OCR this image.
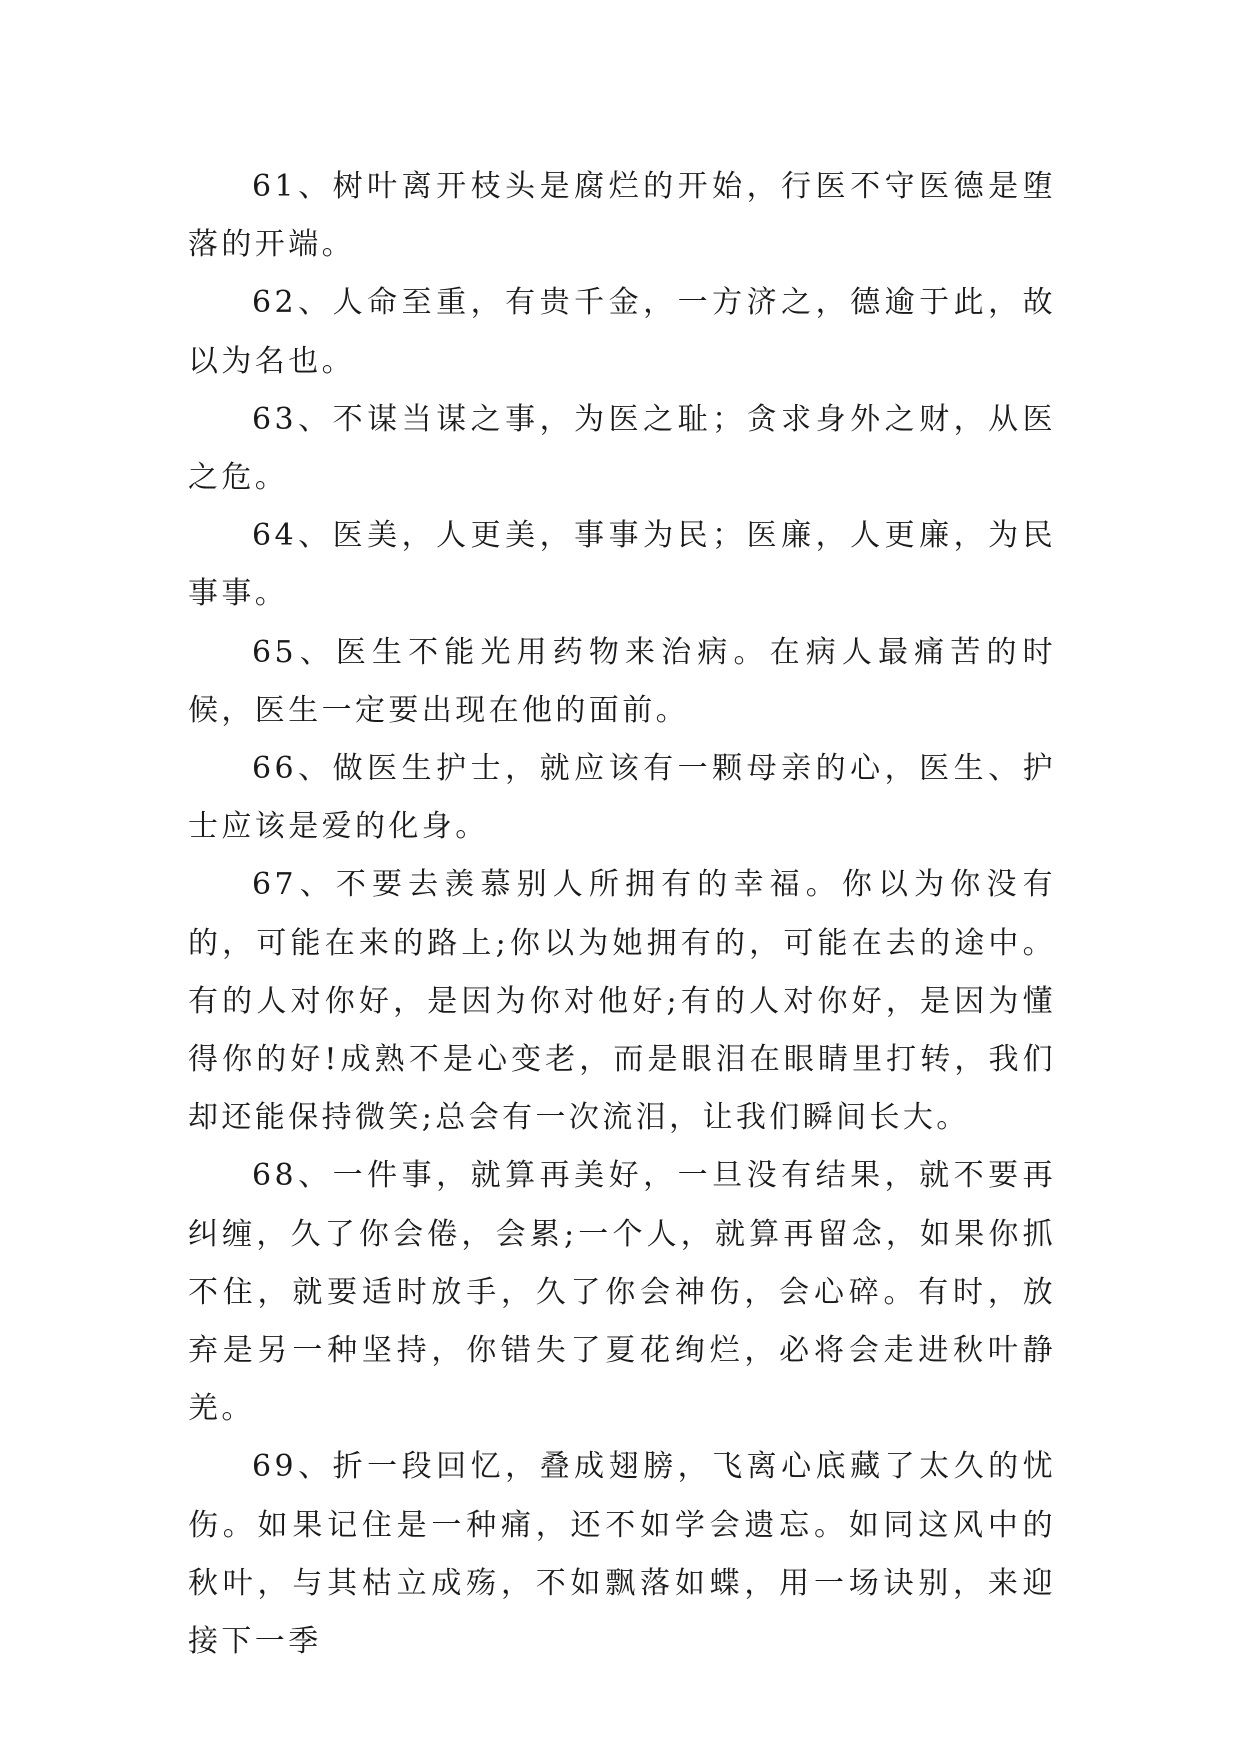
61、树叶离开枝头是腐烂的开始，行医不守医德是堕落的开端。

62、人命至重，有贵千金，一方济之，德逾于此，故以为名也。

63、不谋当谋之事，为医之耻；贪求身外之财，从医之危。

64、医美，人更美，事事为民；医廉，人更廉，为民事事。

65、医生不能光用药物来治病。在病人最痛苦的时候，医生一定要出现在他的面前。

66、做医生护士，就应该有一颗母亲的心，医生、护士应该是爱的化身。

67、不要去羡慕别人所拥有的幸福。你以为你没有的，可能在来的路上;你以为她拥有的，可能在去的途中。有的人对你好，是因为你对他好;有的人对你好，是因为懂得你的好!成熟不是心变老，而是眼泪在眼睛里打转，我们却还能保持微笑;总会有一次流泪，让我们瞬间长大。

68、一件事，就算再美好，一旦没有结果，就不要再纠缠，久了你会倦，会累;一个人，就算再留念，如果你抓不住，就要适时放手，久了你会神伤，会心碎。有时，放弃是另一种坚持，你错失了夏花绚烂，必将会走进秋叶静羌。

69、折一段回忆，叠成翅膀，飞离心底藏了太久的忧伤。如果记住是一种痛，还不如学会遗忘。如同这风中的秋叶，与其枯立成殇，不如飘落如蝶，用一场诀别，来迎接下一季
